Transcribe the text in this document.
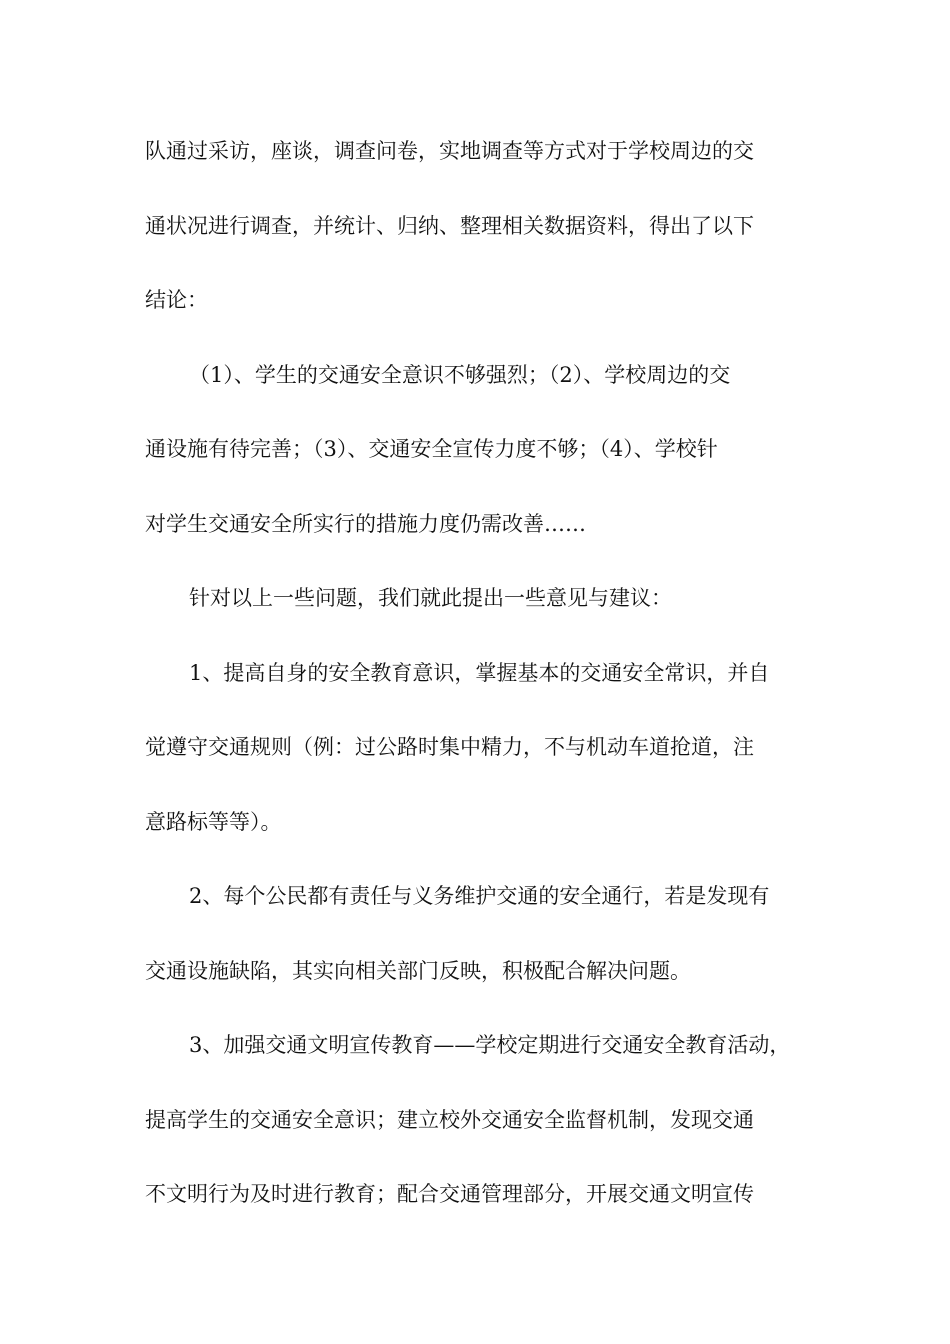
队通过采访，座谈，调查问卷，实地调查等方式对于学校周边的交
通状况进行调查，并统计、归纳、整理相关数据资料，得出了以下
结论：
（1）、学生的交通安全意识不够强烈；（2）、学校周边的交
通设施有待完善；（3）、交通安全宣传力度不够；（4）、学校针
对学生交通安全所实行的措施力度仍需改善……
针对以上一些问题，我们就此提出一些意见与建议：
1、提高自身的安全教育意识，掌握基本的交通安全常识，并自
觉遵守交通规则（例：过公路时集中精力，不与机动车道抢道，注
意路标等等）。
2、每个公民都有责任与义务维护交通的安全通行，若是发现有
交通设施缺陷，其实向相关部门反映，积极配合解决问题。
3、加强交通文明宣传教育——学校定期进行交通安全教育活动，
提高学生的交通安全意识；建立校外交通安全监督机制，发现交通
不文明行为及时进行教育；配合交通管理部分，开展交通文明宣传
